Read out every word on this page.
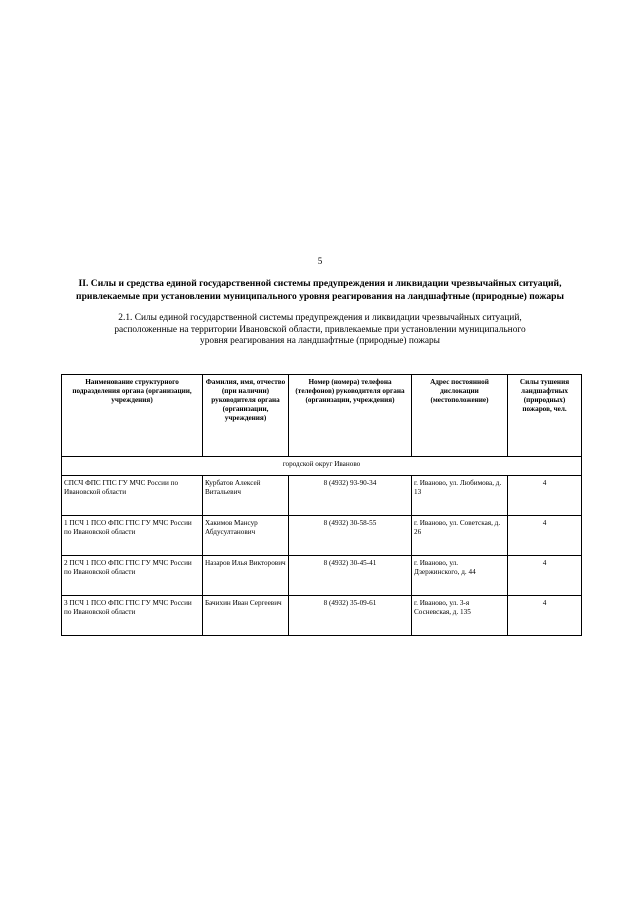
5
II. Силы и средства единой государственной системы предупреждения и ликвидации чрезвычайных ситуаций, привлекаемые при установлении муниципального уровня реагирования на ландшафтные (природные) пожары
2.1. Силы единой государственной системы предупреждения и ликвидации чрезвычайных ситуаций, расположенные на территории Ивановской области, привлекаемые при установлении муниципального уровня реагирования на ландшафтные (природные) пожары
Наименование структурного подразделения органа (организации, учреждения)	Фамилия, имя, отчество (при наличии) руководителя органа (организации, учреждения)	Номер (номера) телефона (телефонов) руководителя органа (организации, учреждения)	Адрес постоянной дислокации (местоположение)	Силы тушения ландшафтных (природных) пожаров, чел.
городской округ Иваново				
СПСЧ ФПС ГПС ГУ МЧС России по Ивановской области	Курбатов Алексей Витальевич	8 (4932) 93-90-34	г. Иваново, ул. Любимова, д. 13	4
1 ПСЧ 1 ПСО ФПС ГПС ГУ МЧС России по Ивановской области	Хакимов Мансур Абдусултанович	8 (4932) 30-58-55	г. Иваново, ул. Советская, д. 26	4
2 ПСЧ 1 ПСО ФПС ГПС ГУ МЧС России по Ивановской области	Назаров Илья Викторович	8 (4932) 30-45-41	г. Иваново, ул. Дзержинского, д. 44	4
3 ПСЧ 1 ПСО ФПС ГПС ГУ МЧС России по Ивановской области	Бачихин Иван Сергеевич	8 (4932) 35-09-61	г. Иваново, ул. 3-я Сосневская, д. 135	4
